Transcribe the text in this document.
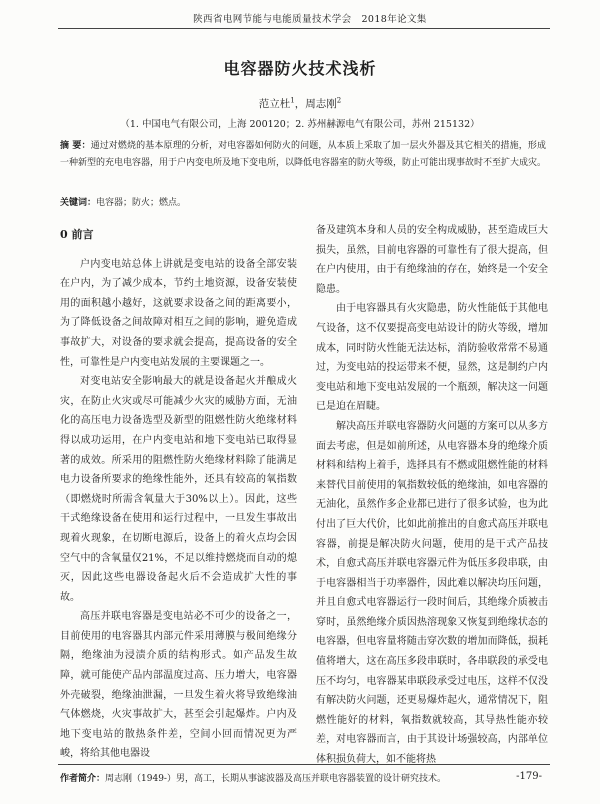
陕西省电网节能与电能质量技术学会　2018年论文集
电容器防火技术浅析
范立杜$^1$，周志刚$^2$
（1. 中国电气有限公司，上海 200120；2. 苏州赫源电气有限公司，苏州 215132）
摘 要：通过对燃烧的基本原理的分析，对电容器如何防火的问题，从本质上采取了加一层火外器及其它相关的措施，形成一种新型的充电电容器，用于户内变电所及地下变电所，以降低电容器室的防火等级，防止可能出现事故时不至扩大成灾。
关键词：电容器；防火；燃点。
0 前言

户内变电站总体上讲就是变电站的设备全部安装在户内，为了减少成本，节约土地资源，设备安装使用的面积越小越好，这就要求设备之间的距离要小，为了降低设备之间故障对相互之间的影响，避免造成事故扩大，对设备的要求就会提高，提高设备的安全性，可靠性是户内变电站发展的主要课题之一。

对变电站安全影响最大的就是设备起火并酿成火灾，在防止火灾或尽可能减少火灾的威胁方面，无油化的高压电力设备选型及新型的阻燃性防火绝缘材料得以成功运用，在户内变电站和地下变电站已取得显著的成效。所采用的阻燃性防火绝缘材料除了能满足电力设备所要求的绝缘性能外，还具有较高的氧指数（即燃烧时所需含氧量大于30%以上）。因此，这些干式绝缘设备在使用和运行过程中，一旦发生事故出现着火现象，在切断电源后，设备上的着火点均会因空气中的含氧量仅21%，不足以维持燃烧而自动的熄灭，因此这些电器设备起火后不会造成扩大性的事故。

高压并联电容器是变电站必不可少的设备之一，目前使用的电容器其内部元件采用薄膜与极间绝缘分隔，绝缘油为浸渍介质的结构形式。如产品发生故障，就可能使产品内部温度过高、压力增大，电容器外壳破裂，绝缘油泄漏，一旦发生着火将导致绝缘油气体燃烧，火灾事故扩大，甚至会引起爆炸。户内及地下变电站的散热条件差，空间小回而情况更为严峻，将给其他电器设

备及建筑本身和人员的安全构成威胁，甚至造成巨大损失，虽然，目前电容器的可靠性有了很大提高，但在户内使用，由于有绝缘油的存在，始终是一个安全隐患。

由于电容器具有火灾隐患，防火性能低于其他电气设备，这不仅要提高变电站设计的防火等级，增加成本，同时防火性能无法达标，消防验收常常不易通过，为变电站的投运带来不便，显然，这是制约户内变电站和地下变电站发展的一个瓶颈，解决这一问题已是迫在眉睫。

解决高压并联电容器防火问题的方案可以从多方面去考虑，但是如前所述，从电容器本身的绝缘介质材料和结构上着手，选择具有不燃或阻燃性能的材料来替代目前使用的氧指数较低的绝缘油，如电容器的无油化，虽然作多企业都已进行了很多试验，也为此付出了巨大代价，比如此前推出的自愈式高压并联电容器，前提是解决防火问题，使用的是干式产品技术，自愈式高压并联电容器元件为低压多段串联，由于电容器相当于功率器件，因此难以解决均压问题，并且自愈式电容器运行一段时间后，其绝缘介质被击穿时，虽然绝缘介质因热溶现象又恢复到绝缘状态的电容器，但电容量将随击穿次数的增加而降低，损耗值将增大，这在高压多段串联时，各串联段的承受电压不均匀，电容器某串联段承受过电压，这样不仅没有解决防火问题，还更易爆炸起火，通常情况下，阻燃性能好的材料，氧指数就较高，其导热性能亦较差，对电容器而言，由于其设计场强较高，内部单位体积损负荷大，如不能将热

作者简介：周志刚（1949-）男，高工，长期从事滤波器及高压并联电容器装置的设计研究技术。	-179-
